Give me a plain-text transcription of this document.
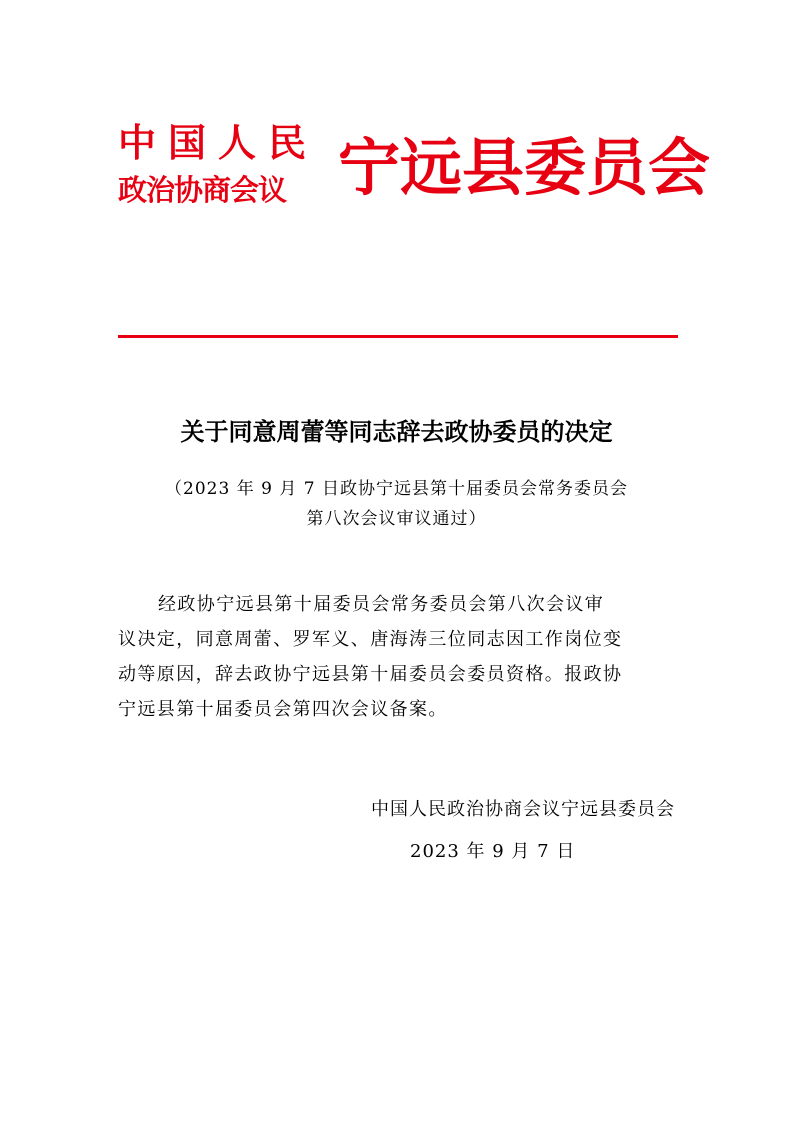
中国人民
政治协商会议 宁远县委员会
关于同意周蕾等同志辞去政协委员的决定
（2023 年 9 月 7 日政协宁远县第十届委员会常务委员会
第八次会议审议通过）

经政协宁远县第十届委员会常务委员会第八次会议审
议决定，同意周蕾、罗军义、唐海涛三位同志因工作岗位变
动等原因，辞去政协宁远县第十届委员会委员资格。报政协
宁远县第十届委员会第四次会议备案。

中国人民政治协商会议宁远县委员会
2023 年 9 月 7 日
